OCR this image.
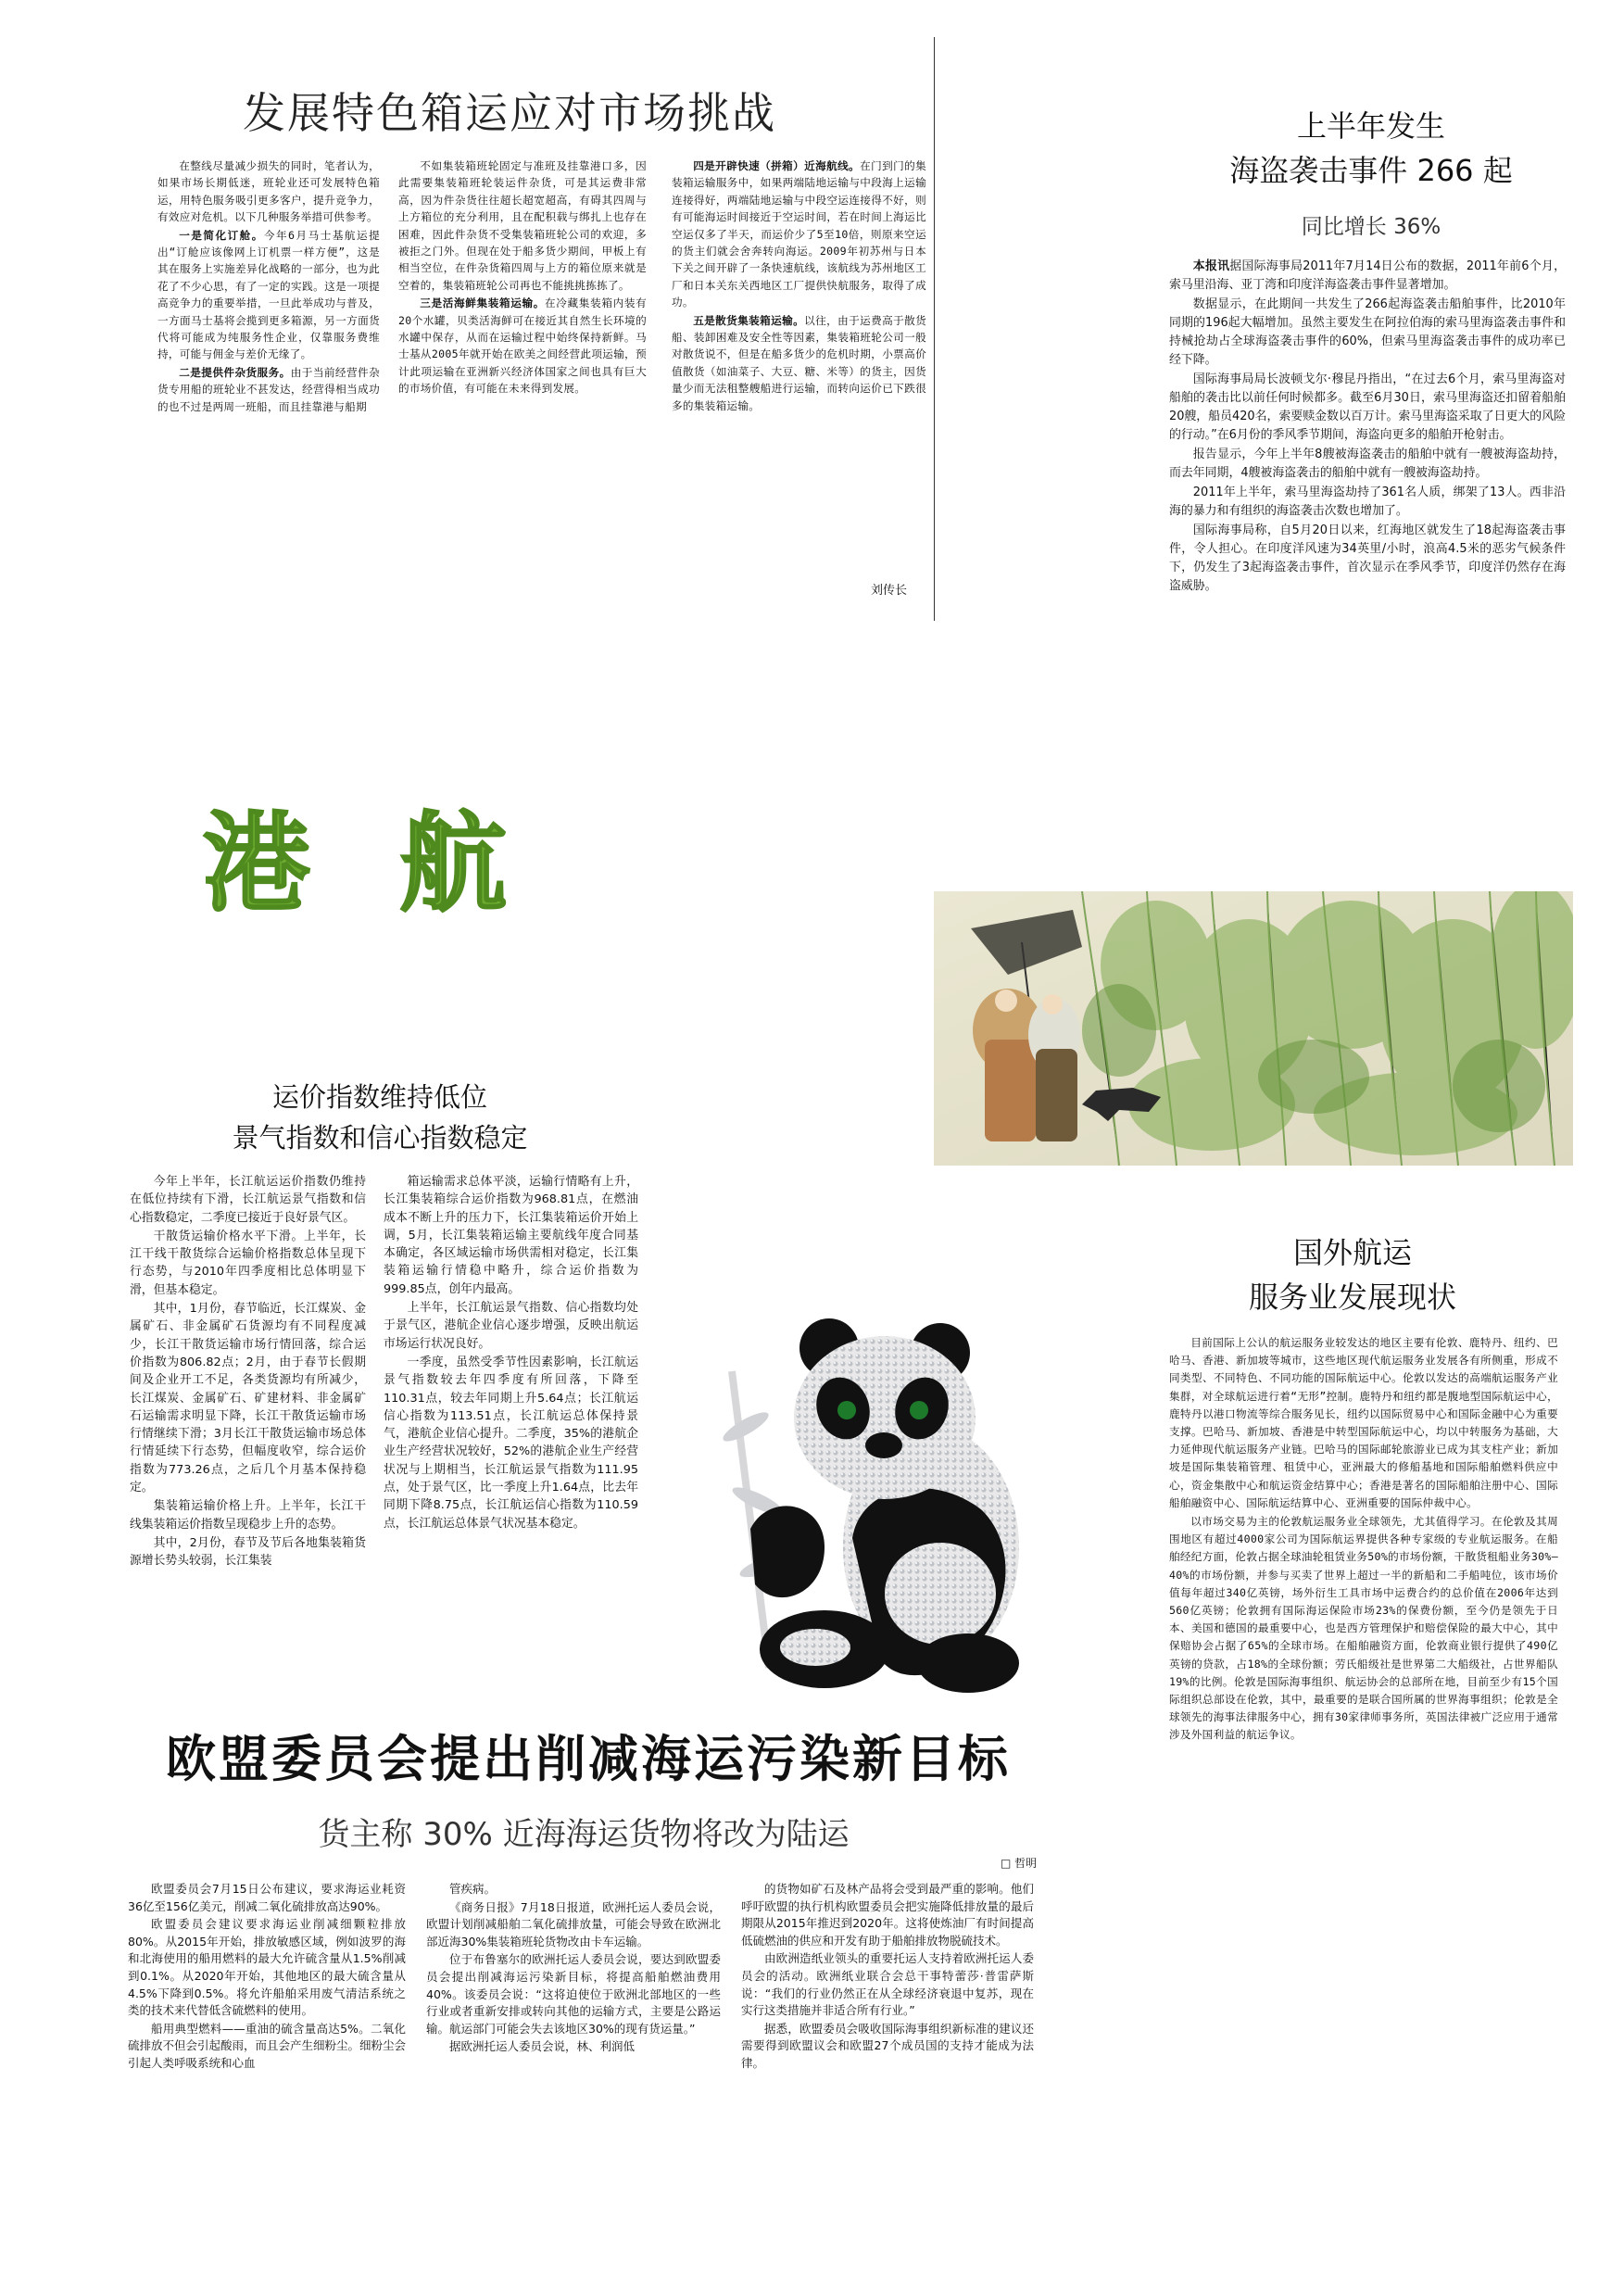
发展特色箱运应对市场挑战

在整线尽量减少损失的同时，笔者认为，如果市场长期低迷，班轮业还可发展特色箱运，用特色服务吸引更多客户，提升竞争力，有效应对危机。以下几种服务举措可供参考。

一是简化订舱。今年6月马士基航运提出“订舱应该像网上订机票一样方便”，这是其在服务上实施差异化战略的一部分，也为此花了不少心思，有了一定的实践。这是一项提高竞争力的重要举措，一旦此举成功与普及，一方面马士基将会揽到更多箱源，另一方面货代将可能成为纯服务性企业，仅靠服务费维持，可能与佣金与差价无缘了。

二是提供件杂货服务。由于当前经营件杂货专用船的班轮业不甚发达，经营得相当成功的也不过是两周一班船，而且挂靠港与船期

不如集装箱班轮固定与准班及挂靠港口多，因此需要集装箱班轮装运件杂货，可是其运费非常高，因为件杂货往往超长超宽超高，有碍其四周与上方箱位的充分利用，且在配积载与绑扎上也存在困难，因此件杂货不受集装箱班轮公司的欢迎，多被拒之门外。但现在处于船多货少期间，甲板上有相当空位，在件杂货箱四周与上方的箱位原来就是空着的，集装箱班轮公司再也不能挑挑拣拣了。

三是活海鲜集装箱运输。在冷藏集装箱内装有20个水罐，贝类活海鲜可在接近其自然生长环境的水罐中保存，从而在运输过程中始终保持新鲜。马士基从2005年就开始在欧美之间经营此项运输，预计此项运输在亚洲新兴经济体国家之间也具有巨大的市场价值，有可能在未来得到发展。

四是开辟快速（拼箱）近海航线。在门到门的集装箱运输服务中，如果两端陆地运输与中段海上运输连接得好，两端陆地运输与中段空运连接得不好，则有可能海运时间接近于空运时间，若在时间上海运比空运仅多了半天，而运价少了5至10倍，则原来空运的货主们就会舍奔转向海运。2009年初苏州与日本下关之间开辟了一条快速航线，该航线为苏州地区工厂和日本关东关西地区工厂提供快航服务，取得了成功。

五是散货集装箱运输。以往，由于运费高于散货船、装卸困难及安全性等因素，集装箱班轮公司一般对散货说不，但是在船多货少的危机时期，小票高价值散货（如油菜子、大豆、糖、米等）的货主，因货量少而无法租整艘船进行运输，而转向运价已下跌很多的集装箱运输。

刘传长
上半年发生
海盗袭击事件 266 起
同比增长 36%

本报讯据国际海事局2011年7月14日公布的数据，2011年前6个月，索马里沿海、亚丁湾和印度洋海盗袭击事件显著增加。

数据显示，在此期间一共发生了266起海盗袭击船舶事件，比2010年同期的196起大幅增加。虽然主要发生在阿拉伯海的索马里海盗袭击事件和持械抢劫占全球海盗袭击事件的60%，但索马里海盗袭击事件的成功率已经下降。

国际海事局局长波顿戈尔·穆昆丹指出，“在过去6个月，索马里海盗对船舶的袭击比以前任何时候都多。截至6月30日，索马里海盗还扣留着船舶20艘，船员420名，索要赎金数以百万计。索马里海盗采取了日更大的风险的行动。”在6月份的季风季节期间，海盗向更多的船舶开枪射击。

报告显示，今年上半年8艘被海盗袭击的船舶中就有一艘被海盗劫持，而去年同期，4艘被海盗袭击的船舶中就有一艘被海盗劫持。

2011年上半年，索马里海盗劫持了361名人质，绑架了13人。西非沿海的暴力和有组织的海盗袭击次数也增加了。

国际海事局称，自5月20日以来，红海地区就发生了18起海盗袭击事件，令人担心。在印度洋风速为34英里/小时，浪高4.5米的恶劣气候条件下，仍发生了3起海盗袭击事件，首次显示在季风季节，印度洋仍然存在海盗威胁。

港 航
运价指数维持低位
景气指数和信心指数稳定

今年上半年，长江航运运价指数仍维持在低位持续有下滑，长江航运景气指数和信心指数稳定，二季度已接近于良好景气区。

干散货运输价格水平下滑。上半年，长江干线干散货综合运输价格指数总体呈现下行态势，与2010年四季度相比总体明显下滑，但基本稳定。

其中，1月份，春节临近，长江煤炭、金属矿石、非金属矿石货源均有不同程度减少，长江干散货运输市场行情回落，综合运价指数为806.82点；2月，由于春节长假期间及企业开工不足，各类货源均有所减少，长江煤炭、金属矿石、矿建材料、非金属矿石运输需求明显下降，长江干散货运输市场行情继续下滑；3月长江干散货运输市场总体行情延续下行态势，但幅度收窄，综合运价指数为773.26点，之后几个月基本保持稳定。

集装箱运输价格上升。上半年，长江干线集装箱运价指数呈现稳步上升的态势。

其中，2月份，春节及节后各地集装箱货源增长势头较弱，长江集装

箱运输需求总体平淡，运输行情略有上升，长江集装箱综合运价指数为968.81点，在燃油成本不断上升的压力下，长江集装箱运价开始上调，5月，长江集装箱运输主要航线年度合同基本确定，各区域运输市场供需相对稳定，长江集装箱运输行情稳中略升，综合运价指数为999.85点，创年内最高。

上半年，长江航运景气指数、信心指数均处于景气区，港航企业信心逐步增强，反映出航运市场运行状况良好。

一季度，虽然受季节性因素影响，长江航运景气指数较去年四季度有所回落，下降至110.31点，较去年同期上升5.64点；长江航运信心指数为113.51点，长江航运总体保持景气，港航企业信心提升。二季度，35%的港航企业生产经营状况较好，52%的港航企业生产经营状况与上期相当，长江航运景气指数为111.95点，处于景气区，比一季度上升1.64点，比去年同期下降8.75点，长江航运信心指数为110.59点，长江航运总体景气状况基本稳定。

欧盟委员会提出削减海运污染新目标
货主称 30% 近海海运货物将改为陆运
□ 哲明

欧盟委员会7月15日公布建议，要求海运业耗资36亿至156亿美元，削减二氧化硫排放高达90%。

欧盟委员会建议要求海运业削减细颗粒排放80%。从2015年开始，排放敏感区域，例如波罗的海和北海使用的船用燃料的最大允许硫含量从1.5%削减到0.1%。从2020年开始，其他地区的最大硫含量从4.5%下降到0.5%。将允许船舶采用废气清洁系统之类的技术来代替低含硫燃料的使用。

船用典型燃料——重油的硫含量高达5%。二氧化硫排放不但会引起酸雨，而且会产生细粉尘。细粉尘会引起人类呼吸系统和心血

管疾病。

《商务日报》7月18日报道，欧洲托运人委员会说，欧盟计划削减船舶二氧化硫排放量，可能会导致在欧洲北部近海30%集装箱班轮货物改由卡车运输。

位于布鲁塞尔的欧洲托运人委员会说，要达到欧盟委员会提出削减海运污染新目标，将提高船舶燃油费用40%。该委员会说：“这将迫使位于欧洲北部地区的一些行业或者重新安排或转向其他的运输方式，主要是公路运输。航运部门可能会失去该地区30%的现有货运量。”

据欧洲托运人委员会说，林、利润低

的货物如矿石及林产品将会受到最严重的影响。他们呼吁欧盟的执行机构欧盟委员会把实施降低排放量的最后期限从2015年推迟到2020年。这将使炼油厂有时间提高低硫燃油的供应和开发有助于船舶排放物脱硫技术。

由欧洲造纸业领头的重要托运人支持着欧洲托运人委员会的活动。欧洲纸业联合会总干事特蕾莎·普雷萨斯说：“我们的行业仍然正在从全球经济衰退中复苏，现在实行这类措施并非适合所有行业。”

据悉，欧盟委员会吸收国际海事组织新标准的建议还需要得到欧盟议会和欧盟27个成员国的支持才能成为法律。

国外航运
服务业发展现状

目前国际上公认的航运服务业较发达的地区主要有伦敦、鹿特丹、纽约、巴哈马、香港、新加坡等城市，这些地区现代航运服务业发展各有所侧重，形成不同类型、不同特色、不同功能的国际航运中心。伦敦以发达的高端航运服务产业集群，对全球航运进行着“无形”控制。鹿特丹和纽约都是腹地型国际航运中心，鹿特丹以港口物流等综合服务见长，纽约以国际贸易中心和国际金融中心为重要支撑。巴哈马、新加坡、香港是中转型国际航运中心，均以中转服务为基础，大力延伸现代航运服务产业链。巴哈马的国际邮轮旅游业已成为其支柱产业；新加坡是国际集装箱管理、租赁中心，亚洲最大的修船基地和国际船舶燃料供应中心，资金集散中心和航运资金结算中心；香港是著名的国际船舶注册中心、国际船舶融资中心、国际航运结算中心、亚洲重要的国际仲裁中心。

以市场交易为主的伦敦航运服务业全球领先，尤其值得学习。在伦敦及其周围地区有超过4000家公司为国际航运界提供各种专家级的专业航运服务。在船舶经纪方面，伦敦占据全球油轮租赁业务50%的市场份额，干散货租船业务30%—40%的市场份额，并参与买卖了世界上超过一半的新船和二手船吨位，该市场价值每年超过340亿英镑，场外衍生工具市场中运费合约的总价值在2006年达到560亿英镑；伦敦拥有国际海运保险市场23%的保费份额，至今仍是领先于日本、美国和德国的最重要中心，也是西方管理保护和赔偿保险的最大中心，其中保赔协会占据了65%的全球市场。在船舶融资方面，伦敦商业银行提供了490亿英镑的贷款，占18%的全球份额；劳氏船级社是世界第二大船级社，占世界船队19%的比例。伦敦是国际海事组织、航运协会的总部所在地，目前至少有15个国际组织总部设在伦敦，其中，最重要的是联合国所属的世界海事组织；伦敦是全球领先的海事法律服务中心，拥有30家律师事务所，英国法律被广泛应用于通常涉及外国利益的航运争议。
